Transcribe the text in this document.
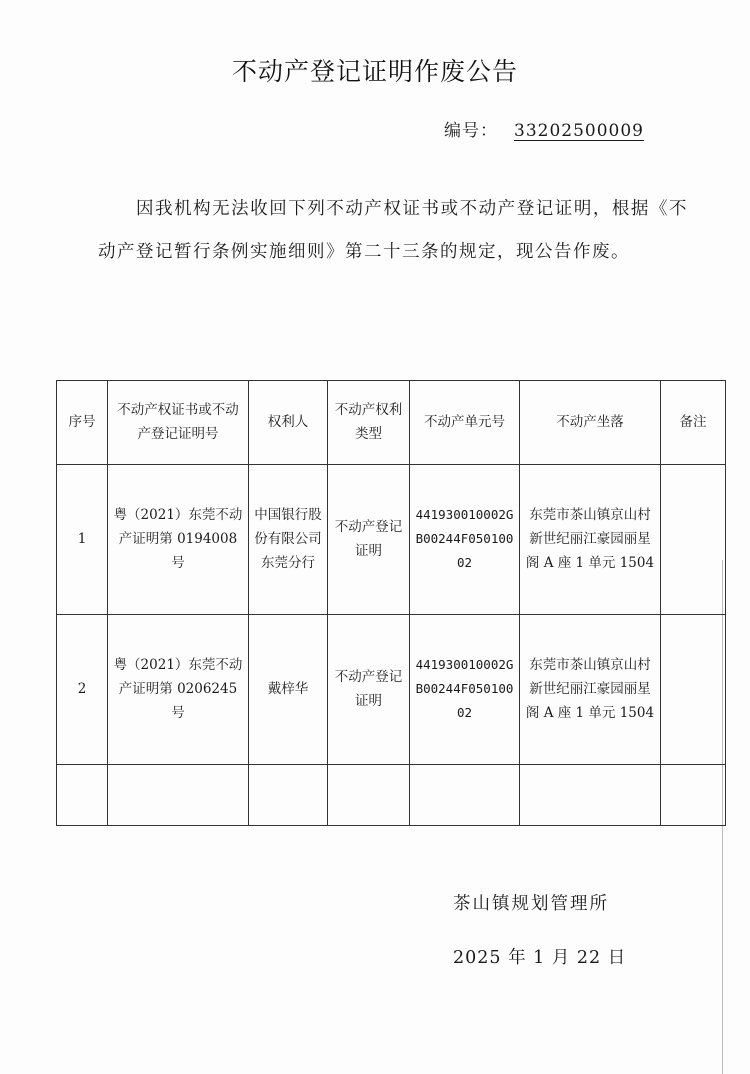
不动产登记证明作废公告
编号： 33202500009
因我机构无法收回下列不动产权证书或不动产登记证明，根据《不动产登记暂行条例实施细则》第二十三条的规定，现公告作废。
序号	不动产权证书或不动产登记证明号	权利人	不动产权利类型	不动产单元号	不动产坐落	备注
1	粤（2021）东莞不动产证明第 0194008 号	中国银行股份有限公司东莞分行	不动产登记证明	441930010002GB00244F05010002	东莞市茶山镇京山村新世纪丽江豪园丽星阁 A 座 1 单元 1504	

2	粤（2021）东莞不动产证明第 0206245 号	戴梓华	不动产登记证明	441930010002GB00244F05010002	东莞市茶山镇京山村新世纪丽江豪园丽星阁 A 座 1 单元 1504	

茶山镇规划管理所
2025 年 1 月 22 日
